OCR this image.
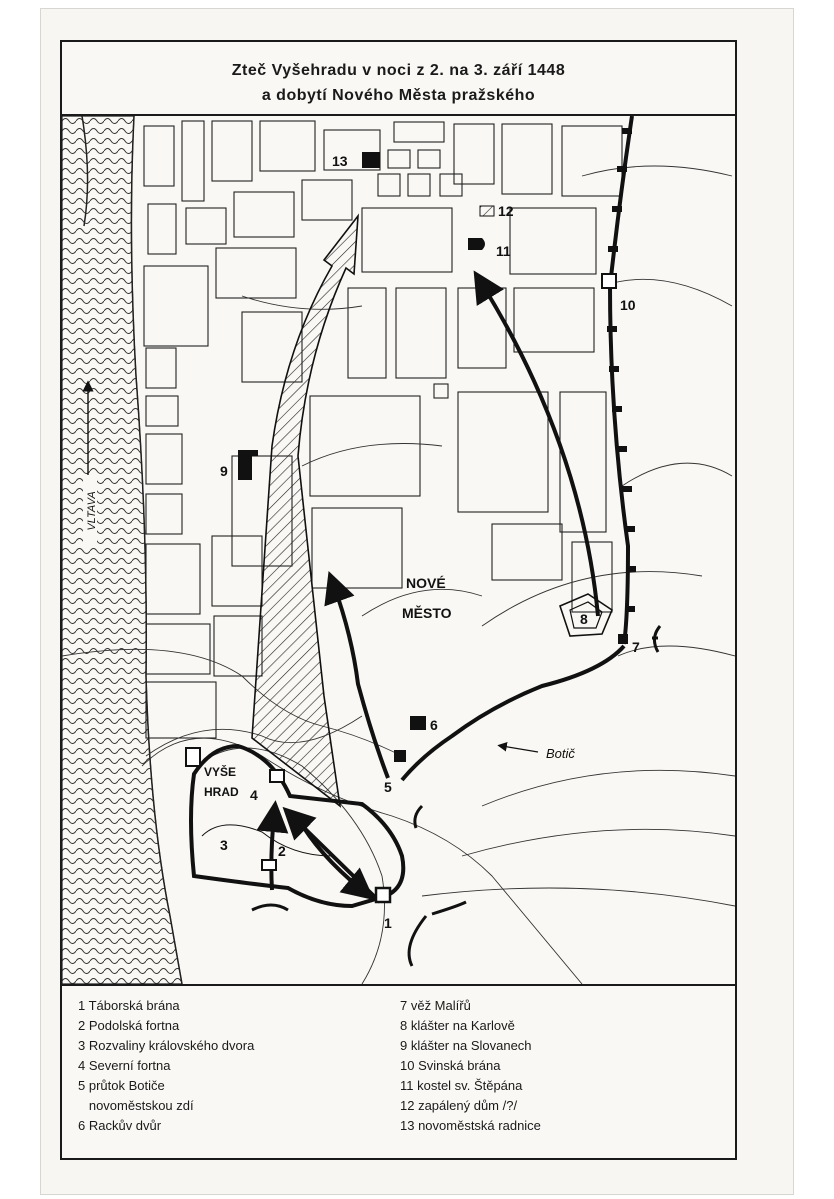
Zteč Vyšehradu v noci z 2. na 3. září 1448
a dobytí Nového Města pražského
VLTAVA
Botič
NOVÉ
MĚSTO
VYŠE
HRAD
1
2
3
4	5
6
7
8
9
10
11
12
13
1 Táborská brána
2 Podolská fortna
3 Rozvaliny královského dvora
4 Severní fortna
5 průtok Botiče
novoměstskou zdí
6 Rackův dvůr
7 věž Malířů
8 klášter na Karlově
9 klášter na Slovanech
10 Svinská brána
11 kostel sv. Štěpána
12 zapálený dům /?/
13 novoměstská radnice
